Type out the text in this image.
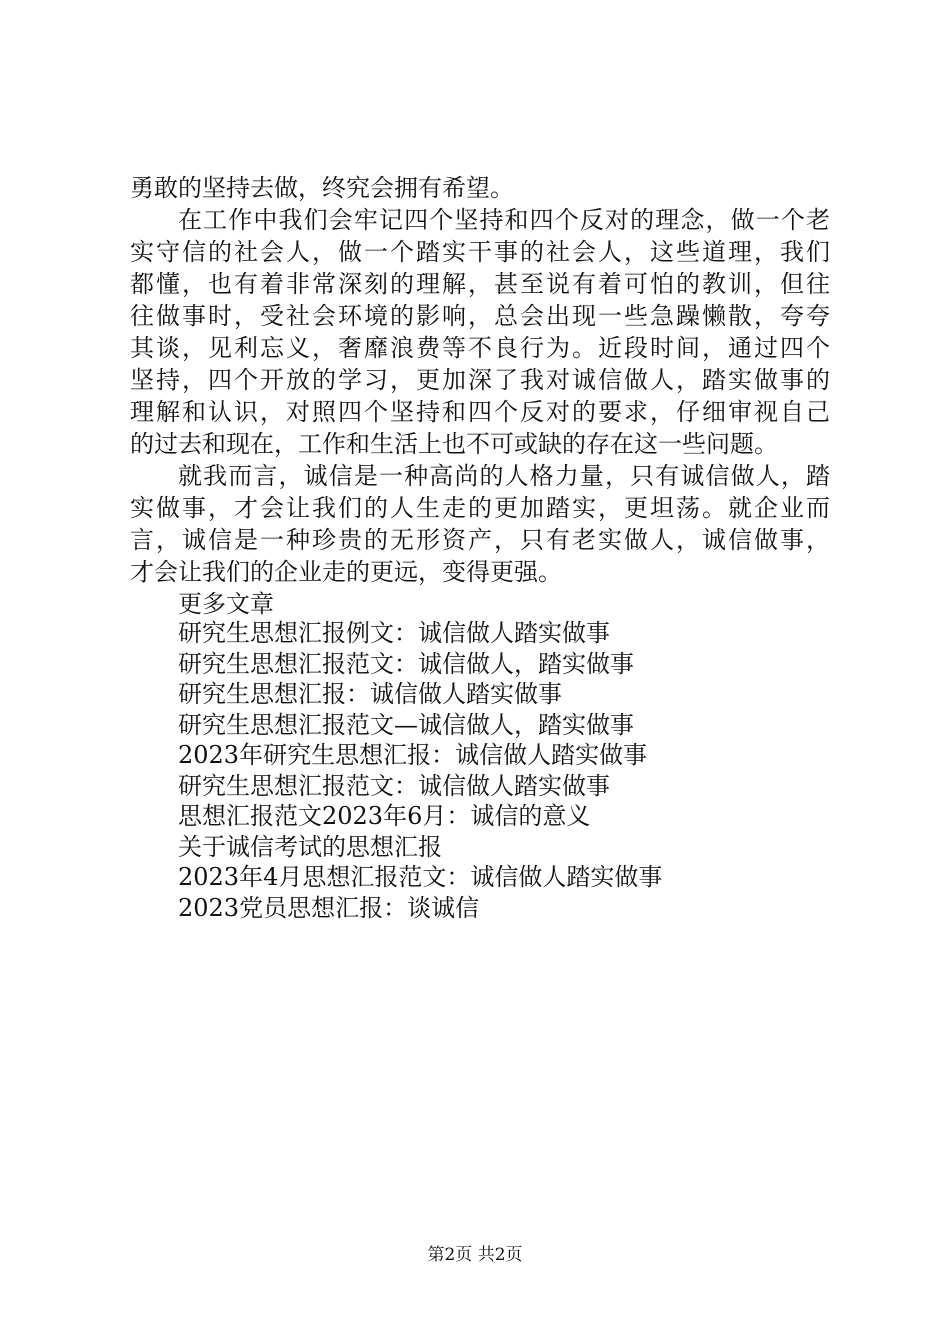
勇敢的坚持去做，终究会拥有希望。
在工作中我们会牢记四个坚持和四个反对的理念，做一个老
实守信的社会人，做一个踏实干事的社会人，这些道理，我们
都懂，也有着非常深刻的理解，甚至说有着可怕的教训，但往
往做事时，受社会环境的影响，总会出现一些急躁懒散，夸夸
其谈，见利忘义，奢靡浪费等不良行为。近段时间，通过四个
坚持，四个开放的学习，更加深了我对诚信做人，踏实做事的
理解和认识，对照四个坚持和四个反对的要求，仔细审视自己
的过去和现在，工作和生活上也不可或缺的存在这一些问题。
就我而言，诚信是一种高尚的人格力量，只有诚信做人，踏
实做事，才会让我们的人生走的更加踏实，更坦荡。就企业而
言，诚信是一种珍贵的无形资产，只有老实做人，诚信做事，
才会让我们的企业走的更远，变得更强。
更多文章
研究生思想汇报例文：诚信做人踏实做事
研究生思想汇报范文：诚信做人，踏实做事
研究生思想汇报：诚信做人踏实做事
研究生思想汇报范文—诚信做人，踏实做事
2023年研究生思想汇报：诚信做人踏实做事
研究生思想汇报范文：诚信做人踏实做事
思想汇报范文2023年6月：诚信的意义
关于诚信考试的思想汇报
2023年4月思想汇报范文：诚信做人踏实做事
2023党员思想汇报：谈诚信
第2页 共2页
